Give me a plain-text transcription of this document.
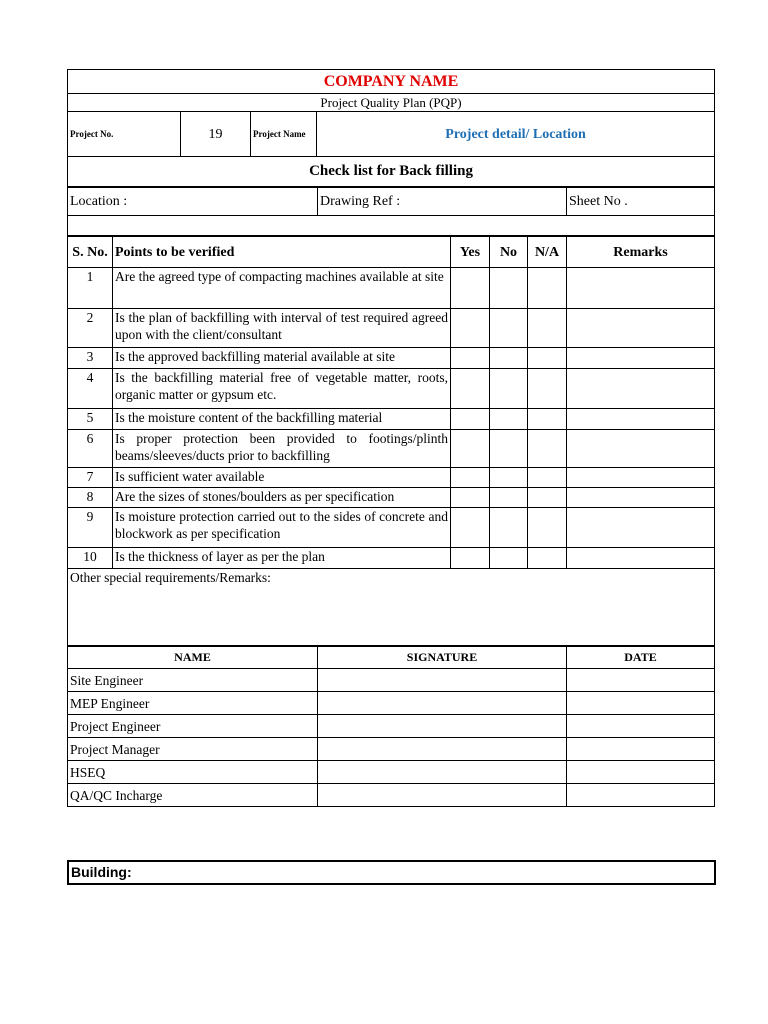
COMPANY NAME
Project Quality Plan (PQP)
Project No.	19	Project Name	Project detail/ Location
Check list for Back filling
Location :	Drawing Ref :	Sheet No .

S. No.	Points to be verified	Yes	No	N/A	Remarks
1	Are the agreed type of compacting machines available at site				
2	Is the plan of backfilling with interval of test required agreed upon with the client/consultant				
3	Is the approved backfilling material available at site				
4	Is the backfilling material free of vegetable matter, roots, organic matter or gypsum etc.				
5	Is the moisture content of the backfilling material				
6	Is proper protection been provided to footings/plinth beams/sleeves/ducts prior to backfilling				
7	Is sufficient water available				
8	Are the sizes of stones/boulders as per specification				
9	Is moisture protection carried out to the sides of concrete and blockwork as per specification				
10	Is the thickness of layer as per the plan				
Other special requirements/Remarks:					
NAME	SIGNATURE	DATE
Site Engineer		
MEP Engineer		
Project Engineer		
Project Manager		
HSEQ		
QA/QC Incharge		
Building:
